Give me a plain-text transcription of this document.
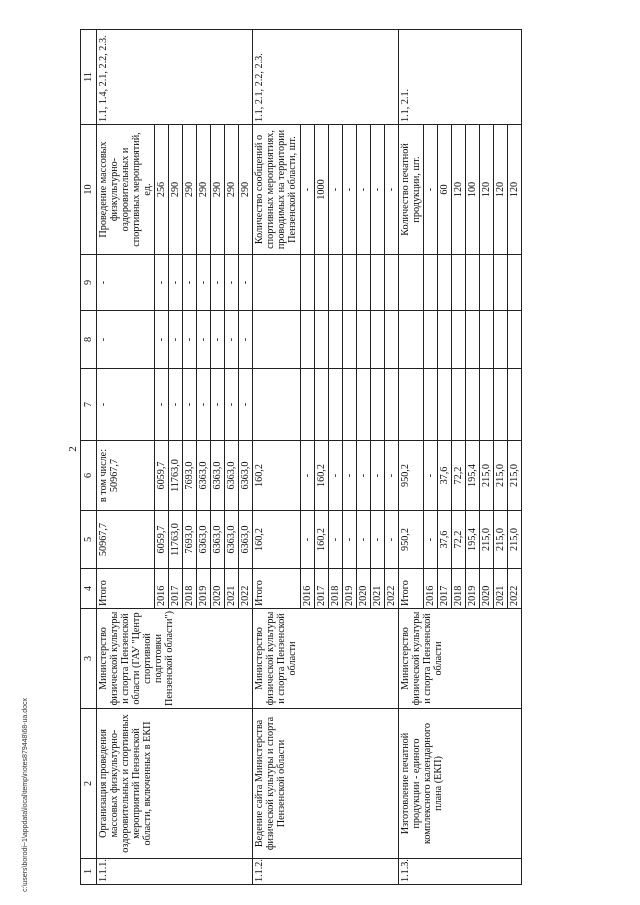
2
1	2	3	4	5	6	7	8	9	10	11
1.1.1.	Организация проведения массовых физкультурно-оздоровительных и спортивных мероприятий Пензенской области, включенных в ЕКП	Министерство физической культуры и спорта Пензенской области (ГАУ "Центр спортивной подготовки Пензенской области")	Итого	50967,7	в том числе: 50967,7	-	-	-	Проведение массовых физкультурно-оздоровительных и спортивных мероприятий, ед.	1.1, 1.4, 2.1, 2.2, 2.3.

			2016	6059,7	6059,7	-	-	-	256	
			2017	11763,0	11763,0	-	-	-	290	
			2018	7693,0	7693,0	-	-	-	290	
			2019	6363,0	6363,0	-	-	-	290	
			2020	6363,0	6363,0	-	-	-	290	
			2021	6363,0	6363,0	-	-	-	290	
			2022	6363,0	6363,0	-	-	-	290	
1.1.2.	Ведение сайта Министерства физической культуры и спорта Пензенской области	Министерство физической культуры и спорта Пензенской области	Итого	160,2	160,2				Количество сообщений о спортивных мероприятиях, проводимых на территории Пензенской области, шт.	1.1, 2.1, 2.2, 2.3.

			2016	-	-				-	
			2017	160,2	160,2				1000	
			2018	-	-				-	
			2019	-	-				-	
			2020	-	-				-	
			2021	-	-				-	
			2022	-	-				-	
1.1.3.	Изготовление печатной продукции - единого комплексного календарного плана (ЕКП)	Министерство физической культуры и спорта Пензенской области	Итого	950,2	950,2				Количество печатной продукции, шт.	1.1, 2.1.

			2016	-	-				-	
			2017	37,6	37,6				60	
			2018	72,2	72,2				120	
			2019	195,4	195,4				100	
			2020	215,0	215,0				120	
			2021	215,0	215,0				120	
			2022	215,0	215,0				120	
c:\users\borodi~1\appdata\local\temp\notes879448\68-ua.docx
